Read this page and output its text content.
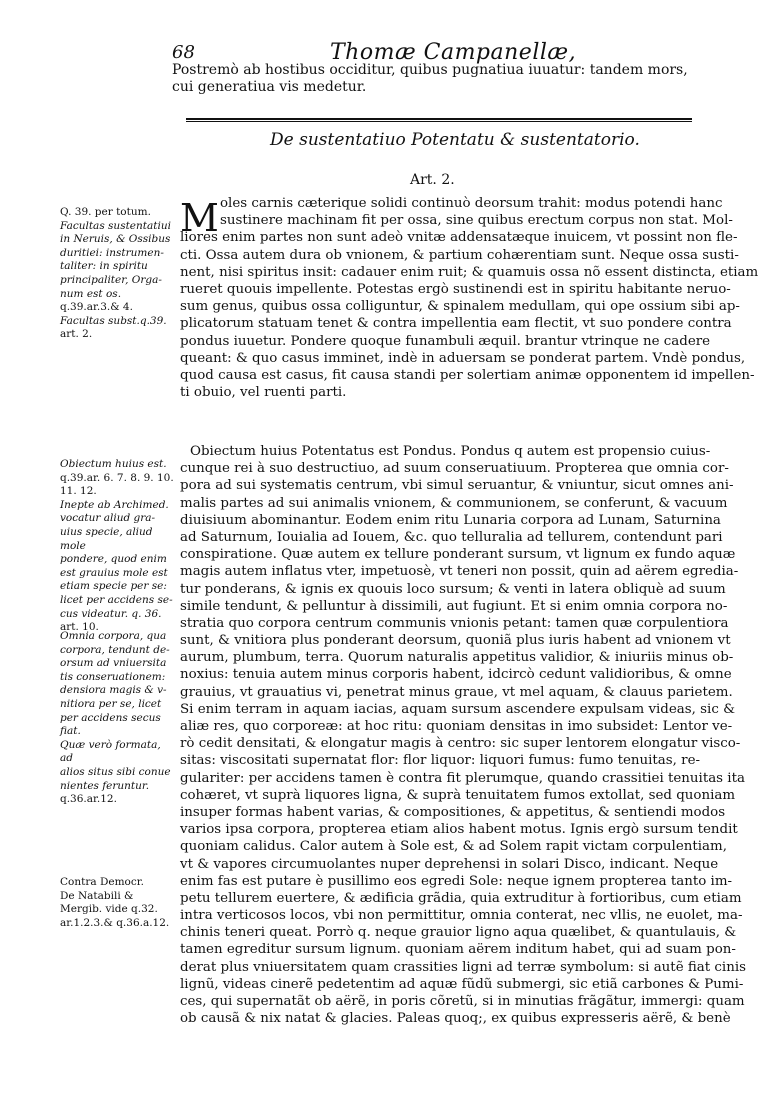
68	Thomæ Campanellæ,
Postremò ab hostibus occiditur, quibus pugnatiua iuuatur: tandem mors, cui generatiua vis medetur.
De sustentatiuo Potentatu & sustentatorio.
Art. 2.
Q. 39. per totum.
Facultas sustentatiui
in Neruis, & Ossibus
duritiei: instrumen-
taliter: in spiritu
principaliter, Orga-
num est os.
q.39.ar.3.& 4.
Facultas subst.q.39.
art. 2.
Obiectum huius est.
q.39.ar. 6. 7. 8. 9. 10.
11. 12.
Inepte ab Archimed.
vocatur aliud gra-
uius specie, aliud mole
pondere, quod enim
est grauius mole est
etiam specie per se:
licet per accidens se-
cus videatur. q. 36.
art. 10.
Omnia corpora, qua
corpora, tendunt de-
orsum ad vniuersita
tis conseruationem:
densiora magis & v-
nitiora per se, licet
per accidens secus fiat.
Quæ verò formata, ad
alios situs sibi conue
nientes feruntur.
q.36.ar.12.
Contra Democr.
De Natabili &
Mergib. vide q.32.
ar.1.2.3.& q.36.a.12.
M oles carnis cæterique solidi continuò deorsum trahit: modus potendi hanc
sustinere machinam fit per ossa, sine quibus erectum corpus non stat. Mol-
liores enim partes non sunt adeò vnitæ addensatæque inuicem, vt possint non fle-
cti. Ossa autem dura ob vnionem, & partium cohærentiam sunt. Neque ossa susti-
nent, nisi spiritus insit: cadauer enim ruit; & quamuis ossa nõ essent distincta, etiam
rueret quouis impellente. Potestas ergò sustinendi est in spiritu habitante neruo-
sum genus, quibus ossa colliguntur, & spinalem medullam, qui ope ossium sibi ap-
plicatorum statuam tenet & contra impellentia eam flectit, vt suo pondere contra
pondus iuuetur. Pondere quoque funambuli æquil. brantur vtrinque ne cadere
queant: & quo casus imminet, indè in aduersam se ponderat partem. Vndè pondus,
quod causa est casus, fit causa standi per solertiam animæ opponentem id impellen-
ti obuio, vel ruenti parti.
Obiectum huius Potentatus est Pondus. Pondus q autem est propensio cuius-
cunque rei à suo destructiuo, ad suum conseruatiuum. Propterea que omnia cor-
pora ad sui systematis centrum, vbi simul seruantur, & vniuntur, sicut omnes ani-
malis partes ad sui animalis vnionem, & communionem, se conferunt, & vacuum
diuisiuum abominantur. Eodem enim ritu Lunaria corpora ad Lunam, Saturnina
ad Saturnum, Iouialia ad Iouem, &c. quo telluralia ad tellurem, contendunt pari
conspiratione. Quæ autem ex tellure ponderant sursum, vt lignum ex fundo aquæ
magis autem inflatus vter, impetuosè, vt teneri non possit, quin ad aërem egredia-
tur ponderans, & ignis ex quouis loco sursum; & venti in latera obliquè ad suum
simile tendunt, & pelluntur à dissimili, aut fugiunt. Et si enim omnia corpora no-
stratia quo corpora centrum communis vnionis petant: tamen quæ corpulentiora
sunt, & vnitiora plus ponderant deorsum, quoniã plus iuris habent ad vnionem vt
aurum, plumbum, terra. Quorum naturalis appetitus validior, & iniuriis minus ob-
noxius: tenuia autem minus corporis habent, idcircò cedunt validioribus, & omne
grauius, vt grauatius vi, penetrat minus graue, vt mel aquam, & clauus parietem.
Si enim terram in aquam iacias, aquam sursum ascendere expulsam videas, sic &
aliæ res, quo corporeæ: at hoc ritu: quoniam densitas in imo subsidet: Lentor ve-
rò cedit densitati, & elongatur magis à centro: sic super lentorem elongatur visco-
sitas: viscositati supernatat flor: flor liquor: liquori fumus: fumo tenuitas, re-
gulariter: per accidens tamen è contra fit plerumque, quando crassitiei tenuitas ita
cohæret, vt suprà liquores ligna, & suprà tenuitatem fumos extollat, sed quoniam
insuper formas habent varias, & compositiones, & appetitus, & sentiendi modos
varios ipsa corpora, propterea etiam alios habent motus. Ignis ergò sursum tendit
quoniam calidus. Calor autem à Sole est, & ad Solem rapit victam corpulentiam,
vt & vapores circumuolantes nuper deprehensi in solari Disco, indicant. Neque
enim fas est putare è pusillimo eos egredi Sole: neque ignem propterea tanto im-
petu tellurem euertere, & ædificia grãdia, quia extruditur à fortioribus, cum etiam
intra verticosos locos, vbi non permittitur, omnia conterat, nec vllis, ne euolet, ma-
chinis teneri queat. Porrò q. neque grauior ligno aqua quælibet, & quantulauis, &
tamen egreditur sursum lignum. quoniam aërem inditum habet, qui ad suam pon-
derat plus vniuersitatem quam crassities ligni ad terræ symbolum: si autẽ fiat cinis
lignũ, videas cinerẽ pedetentim ad aquæ fũdũ submergi, sic etiã carbones & Pumi-
ces, qui supernatãt ob aërẽ, in poris cõretũ, si in minutias frãgãtur, immergi: quam
ob causã & nix natat & glacies. Paleas quoq;, ex quibus expresseris aërẽ, & benè
